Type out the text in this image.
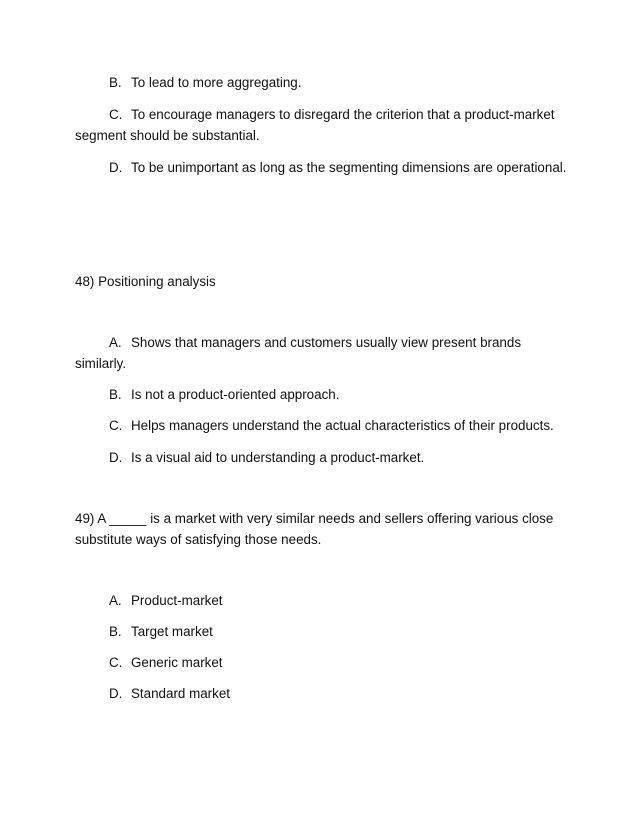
B. To lead to more aggregating.

C. To encourage managers to disregard the criterion that a product-market segment should be substantial.

D. To be unimportant as long as the segmenting dimensions are operational.

48) Positioning analysis

A. Shows that managers and customers usually view present brands similarly.

B. Is not a product-oriented approach.

C. Helps managers understand the actual characteristics of their products.

D. Is a visual aid to understanding a product-market.

49) A _____ is a market with very similar needs and sellers offering various close substitute ways of satisfying those needs.

A. Product-market

B. Target market

C. Generic market

D. Standard market
